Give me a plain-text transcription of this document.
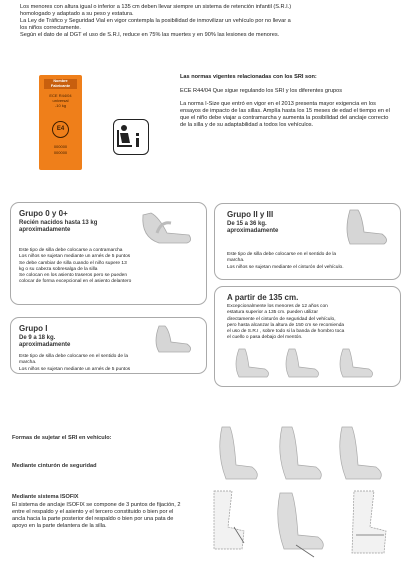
Los menores con altura igual o inferior a 135 cm deben llevar siempre un sistema de retención infantil (S.R.I.)
homologado y adaptado a su peso y estatura.
La Ley de Tráfico y Seguridad Vial en vigor contempla la posibilidad de inmovilizar un vehículo por no llevar a
los niños correctamente.
Según el dato de al DGT el uso de S.R.I, reduce en 75% las muertes y en 90% las lesiones de menores.
Nombre Fabricante
ECE R44/04
universal
-10 kg
E4
000000
000000
Las normas vigentes relacionadas con los SRI son:
ECE R44/04 Que sigue regulando los SRI y los diferentes grupos
La norma I-Size que entró en vigor en el 2013 presenta mayor exigencia en los ensayos de impacto de las sillas. Amplía hasta los 15 meses de edad el tiempo en el que el niño debe viajar a contramarcha y aumenta la posibilidad del anclaje correcto de la silla y de su adaptabilidad a todos los vehículos.
Grupo 0 y 0+
Recién nacidos hasta 13 kg
aproximadamente
Este tipo de silla debe colocarse a contramarcha
Los niños se sujetan mediante un arnés de 5 puntos
Se debe cambiar de silla cuando el niño supere 13
kg o su cabeza sobresalga de la silla
Se colocan en los asiento traseros pero se pueden
colocar de forma excepcional en el asiento delantero
Grupo I
De 9 a 18 kg.
aproximadamente
Este tipo de silla debe colocarse en el sentido de la
marcha.
Los niños se sujetan mediante un arnés de 5 puntos
Grupo II y III
De 15 a 36 kg.
aproximadamente
Este tipo de silla debe colocarse en el sentido de la
marcha.
Los niños se sujetan mediante el cinturón del vehículo.
A partir de 135 cm.
Excepcionalmente los menores de 12 años con
estatura superior a 135 cm. pueden utilizar
directamente el cinturón de seguridad del vehículo,
pero hasta alcanzar la altura de 150 cm se recomienda
el uso de S.R.I , sobre todo si la banda de hombro toca
el cuello o pasa debajo del mentón.
Formas de sujetar el SRI en vehículo:
Mediante cinturón de seguridad
Mediante sistema ISOFIX
El sistema de anclaje ISOFIX se compone de 3 puntos de fijación, 2 entre el respaldo y el asiento y el tercero constituido o bien por el ancla hacia la parte posterior del respaldo o bien por una pata de apoyo en la parte delantera de la silla.
